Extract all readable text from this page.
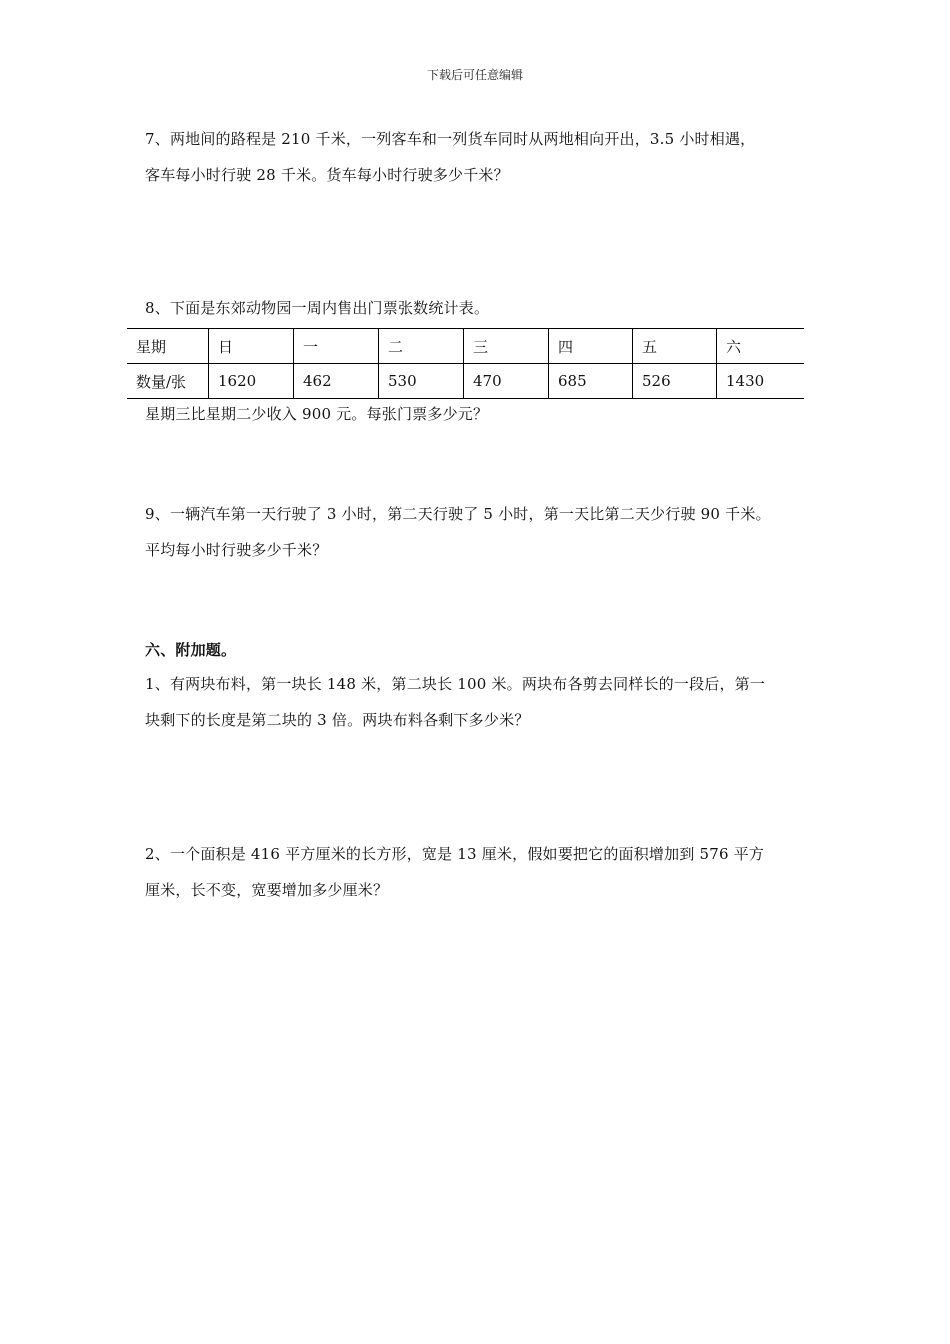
下载后可任意编辑
7、两地间的路程是 210 千米，一列客车和一列货车同时从两地相向开出，3.5 小时相遇，
客车每小时行驶 28 千米。货车每小时行驶多少千米？
8、下面是东郊动物园一周内售出门票张数统计表。
星期	日	一	二	三	四	五	六
数量/张	1620	462	530	470	685	526	1430
星期三比星期二少收入 900 元。每张门票多少元？
9、一辆汽车第一天行驶了 3 小时，第二天行驶了 5 小时，第一天比第二天少行驶 90 千米。
平均每小时行驶多少千米？
六、附加题。
1、有两块布料，第一块长 148 米，第二块长 100 米。两块布各剪去同样长的一段后，第一
块剩下的长度是第二块的 3 倍。两块布料各剩下多少米？
2、一个面积是 416 平方厘米的长方形，宽是 13 厘米，假如要把它的面积增加到 576 平方
厘米，长不变，宽要增加多少厘米？
